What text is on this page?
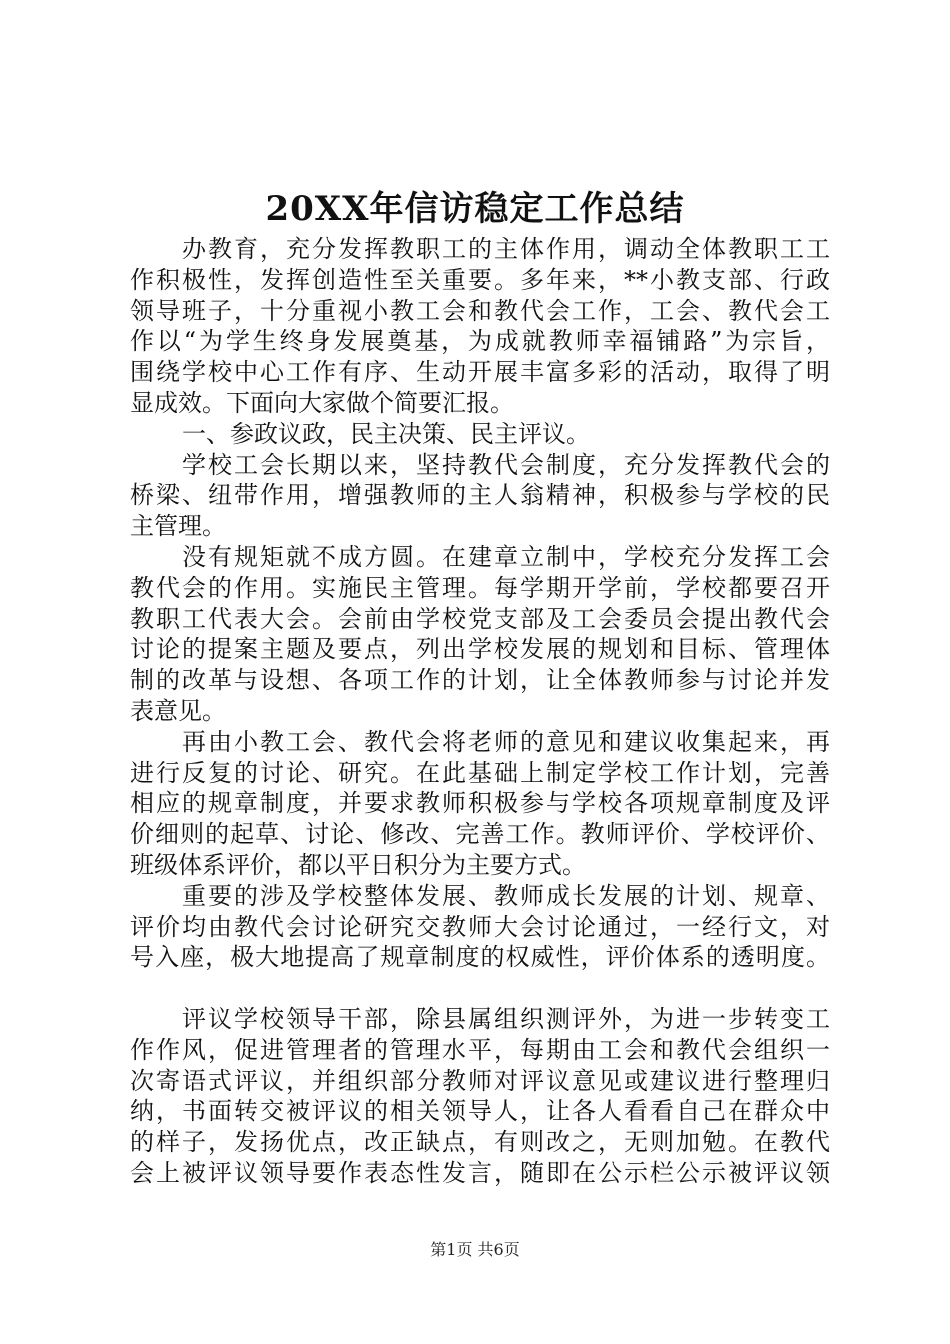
20XX年信访稳定工作总结
办教育，充分发挥教职工的主体作用，调动全体教职工工
作积极性，发挥创造性至关重要。多年来，**小教支部、行政
领导班子，十分重视小教工会和教代会工作，工会、教代会工
作以“为学生终身发展奠基，为成就教师幸福铺路”为宗旨，
围绕学校中心工作有序、生动开展丰富多彩的活动，取得了明
显成效。下面向大家做个简要汇报。
一、参政议政，民主决策、民主评议。
学校工会长期以来，坚持教代会制度，充分发挥教代会的
桥梁、纽带作用，增强教师的主人翁精神，积极参与学校的民
主管理。
没有规矩就不成方圆。在建章立制中，学校充分发挥工会
教代会的作用。实施民主管理。每学期开学前，学校都要召开
教职工代表大会。会前由学校党支部及工会委员会提出教代会
讨论的提案主题及要点，列出学校发展的规划和目标、管理体
制的改革与设想、各项工作的计划，让全体教师参与讨论并发
表意见。
再由小教工会、教代会将老师的意见和建议收集起来，再
进行反复的讨论、研究。在此基础上制定学校工作计划，完善
相应的规章制度，并要求教师积极参与学校各项规章制度及评
价细则的起草、讨论、修改、完善工作。教师评价、学校评价、
班级体系评价，都以平日积分为主要方式。
重要的涉及学校整体发展、教师成长发展的计划、规章、
评价均由教代会讨论研究交教师大会讨论通过，一经行文，对
号入座，极大地提高了规章制度的权威性，评价体系的透明度。
评议学校领导干部，除县属组织测评外，为进一步转变工
作作风，促进管理者的管理水平，每期由工会和教代会组织一
次寄语式评议，并组织部分教师对评议意见或建议进行整理归
纳，书面转交被评议的相关领导人，让各人看看自己在群众中
的样子，发扬优点，改正缺点，有则改之，无则加勉。在教代
会上被评议领导要作表态性发言，随即在公示栏公示被评议领
第1页 共6页
